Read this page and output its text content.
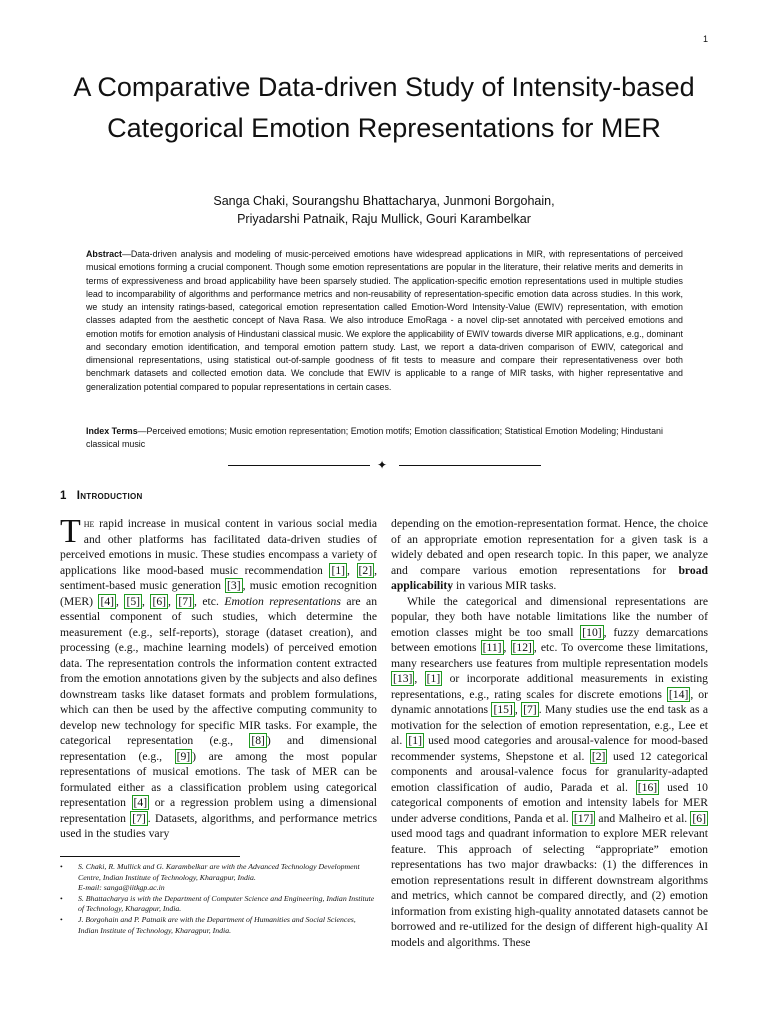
1
A Comparative Data-driven Study of Intensity-based Categorical Emotion Representations for MER
Sanga Chaki, Sourangshu Bhattacharya, Junmoni Borgohain,
Priyadarshi Patnaik, Raju Mullick, Gouri Karambelkar

Abstract—Data-driven analysis and modeling of music-perceived emotions have widespread applications in MIR, with representations of perceived musical emotions forming a crucial component. Though some emotion representations are popular in the literature, their relative merits and demerits in terms of expressiveness and broad applicability have been sparsely studied. The application-specific emotion representations used in multiple studies lead to incomparability of algorithms and performance metrics and non-reusability of representation-specific emotion data across studies. In this work, we study an intensity ratings-based, categorical emotion representation called Emotion-Word Intensity-Value (EWIV) representation, with emotion classes adapted from the aesthetic concept of Nava Rasa. We also introduce EmoRaga - a novel clip-set annotated with perceived emotions and emotion motifs for emotion analysis of Hindustani classical music. We explore the applicability of EWIV towards diverse MIR applications, e.g., dominant and secondary emotion identification, and temporal emotion pattern study. Last, we report a data-driven comparison of EWIV, categorical and dimensional representations, using statistical out-of-sample goodness of fit tests to measure and compare their representativeness over both benchmark datasets and collected emotion data. We conclude that EWIV is applicable to a range of MIR tasks, with higher representative and generalization potential compared to popular representations in certain cases.

Index Terms—Perceived emotions; Music emotion representation; Emotion motifs; Emotion classification; Statistical Emotion Modeling; Hindustani classical music

✦
1 Introduction

The rapid increase in musical content in various social media and other platforms has facilitated data-driven studies of perceived emotions in music. These studies encompass a variety of applications like mood-based music recommendation [1] , [2] , sentiment-based music generation [3] , music emotion recognition (MER) [4] , [5] , [6] , [7] , etc. Emotion representations are an essential component of such studies, which determine the measurement (e.g., self-reports), storage (dataset creation), and processing (e.g., machine learning models) of perceived emotion data. The representation controls the information content extracted from the emotion annotations given by the subjects and also defines downstream tasks like dataset formats and problem formulations, which can then be used by the affective computing community to develop new technology for specific MIR tasks. For example, the categorical representation (e.g., [8] ) and dimensional representation (e.g., [9] ) are among the most popular representations of musical emotions. The task of MER can be formulated either as a classification problem using categorical representation [4] or a regression problem using a dimensional representation [7] . Datasets, algorithms, and performance metrics used in the studies vary

depending on the emotion-representation format. Hence, the choice of an appropriate emotion representation for a given task is a widely debated and open research topic. In this paper, we analyze and compare various emotion representations for broad applicability in various MIR tasks.

While the categorical and dimensional representations are popular, they both have notable limitations like the number of emotion classes might be too small [10] , fuzzy demarcations between emotions [11] , [12] , etc. To overcome these limitations, many researchers use features from multiple representation models [13] , [1] or incorporate additional measurements in existing representations, e.g., rating scales for discrete emotions [14] , or dynamic annotations [15] , [7] . Many studies use the end task as a motivation for the selection of emotion representation, e.g., Lee et al. [1] used mood categories and arousal-valence for mood-based recommender systems, Shepstone et al. [2] used 12 categorical components and arousal-valence focus for granularity-adapted emotion classification of audio, Parada et al. [16] used 10 categorical components of emotion and intensity labels for MER under adverse conditions, Panda et al. [17] and Malheiro et al. [6] used mood tags and quadrant information to explore MER relevant feature. This approach of selecting “appropriate” emotion representations has two major drawbacks: (1) the differences in emotion representations result in different downstream algorithms and metrics, which cannot be compared directly, and (2) emotion information from existing high-quality annotated datasets cannot be borrowed and re-utilized for the design of different high-quality AI models and algorithms. These

• S. Chaki, R. Mullick and G. Karambelkar are with the Advanced Technology Development Centre, Indian Institute of Technology, Kharagpur, India.
E-mail: sanga@iitkgp.ac.in
• S. Bhattacharya is with the Department of Computer Science and Engineering, Indian Institute of Technology, Kharagpur, India.
• J. Borgohain and P. Patnaik are with the Department of Humanities and Social Sciences, Indian Institute of Technology, Kharagpur, India.
